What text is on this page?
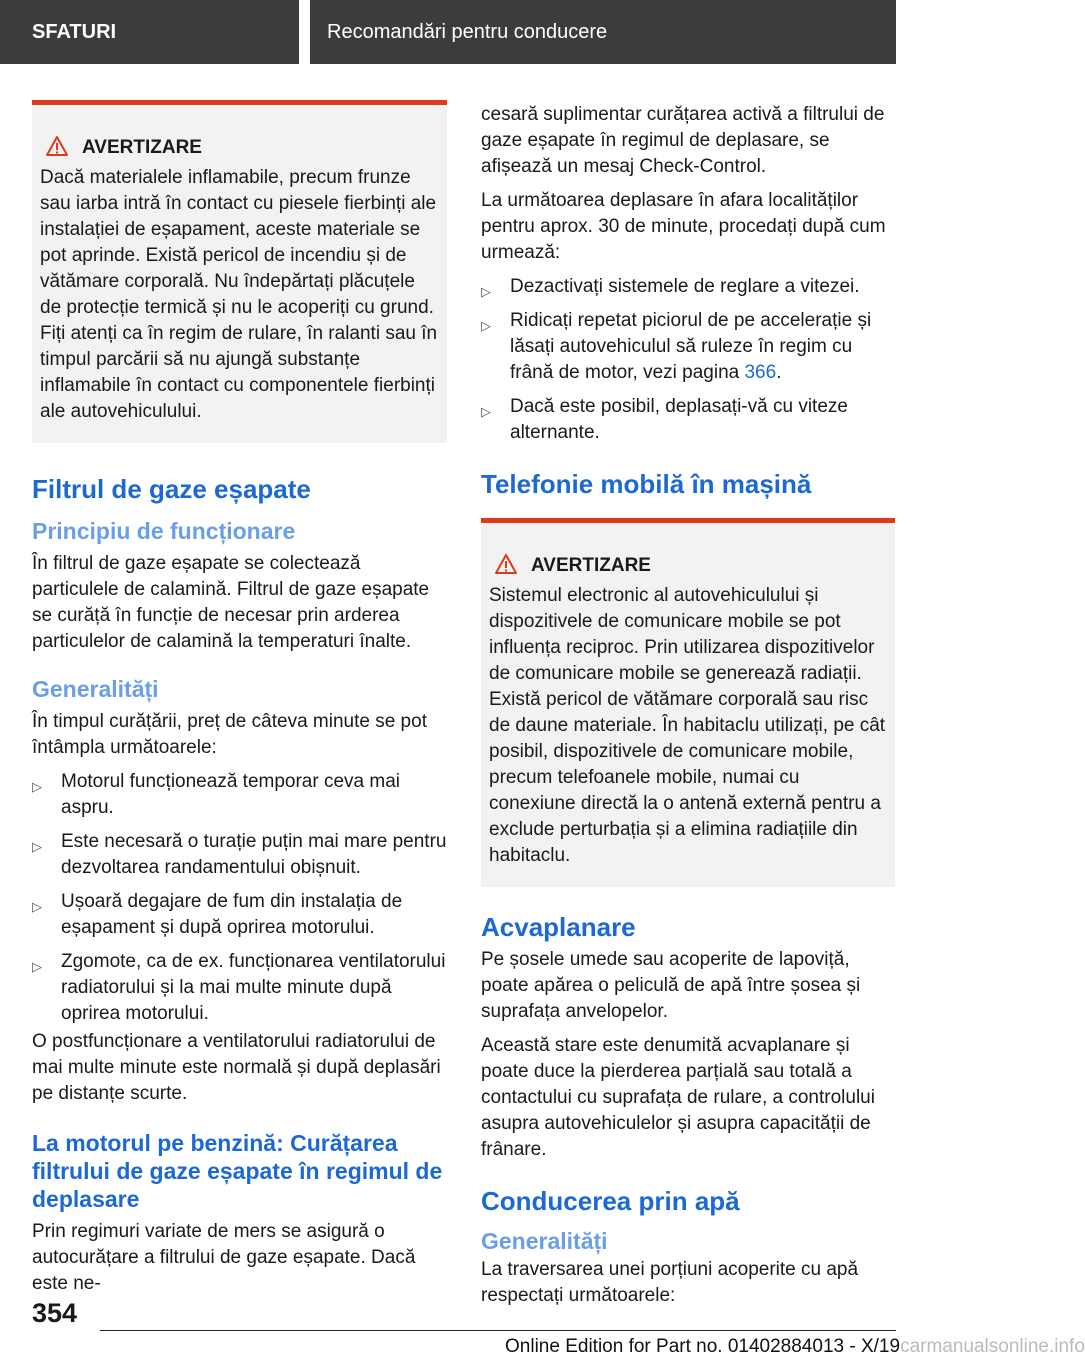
SFATURI	Recomandări pentru conducere
AVERTIZARE

Dacă materialele inflamabile, precum frunze sau iarba intră în contact cu piesele fierbinți ale instalației de eșapament, aceste materiale se pot aprinde. Există pericol de incendiu și de vătămare corporală. Nu îndepărtați plăcuțele de protecție termică și nu le acoperiți cu grund. Fiți atenți ca în regim de rulare, în ralanti sau în timpul parcării să nu ajungă substanțe inflamabile în contact cu componentele fierbinți ale autovehiculului.

Filtrul de gaze eșapate
Principiu de funcționare

În filtrul de gaze eșapate se colectează particulele de calamină. Filtrul de gaze eșapate se curăță în funcție de necesar prin arderea particulelor de calamină la temperaturi înalte.

Generalități

În timpul curățării, preț de câteva minute se pot întâmpla următoarele:

▷ Motorul funcționează temporar ceva mai aspru.
▷ Este necesară o turație puțin mai mare pentru dezvoltarea randamentului obișnuit.
▷ Ușoară degajare de fum din instalația de eșapament și după oprirea motorului.
▷ Zgomote, ca de ex. funcționarea ventilatorului radiatorului și la mai multe minute după oprirea motorului.

O postfuncționare a ventilatorului radiatorului de mai multe minute este normală și după deplasări pe distanțe scurte.

La motorul pe benzină: Curățarea filtrului de gaze eșapate în regimul de deplasare

Prin regimuri variate de mers se asigură o autocurățare a filtrului de gaze eșapate. Dacă este ne-

cesară suplimentar curățarea activă a filtrului de gaze eșapate în regimul de deplasare, se afișează un mesaj Check-Control.

La următoarea deplasare în afara localităților pentru aprox. 30 de minute, procedați după cum urmează:

▷ Dezactivați sistemele de reglare a vitezei.
▷ Ridicați repetat piciorul de pe accelerație și lăsați autovehiculul să ruleze în regim cu frână de motor, vezi pagina 366.
▷ Dacă este posibil, deplasați-vă cu viteze alternante.
Telefonie mobilă în mașină
AVERTIZARE

Sistemul electronic al autovehiculului și dispozitivele de comunicare mobile se pot influența reciproc. Prin utilizarea dispozitivelor de comunicare mobile se generează radiații. Există pericol de vătămare corporală sau risc de daune materiale. În habitaclu utilizați, pe cât posibil, dispozitivele de comunicare mobile, precum telefoanele mobile, numai cu conexiune directă la o antenă externă pentru a exclude perturbația și a elimina radiațiile din habitaclu.

Acvaplanare

Pe șosele umede sau acoperite de lapoviță, poate apărea o peliculă de apă între șosea și suprafața anvelopelor.

Această stare este denumită acvaplanare și poate duce la pierderea parțială sau totală a contactului cu suprafața de rulare, a controlului asupra autovehiculelor și asupra capacității de frânare.

Conducerea prin apă
Generalități

La traversarea unei porțiuni acoperite cu apă respectați următoarele:

354
Online Edition for Part no. 01402884013 - X/19carmanualsonline.info
